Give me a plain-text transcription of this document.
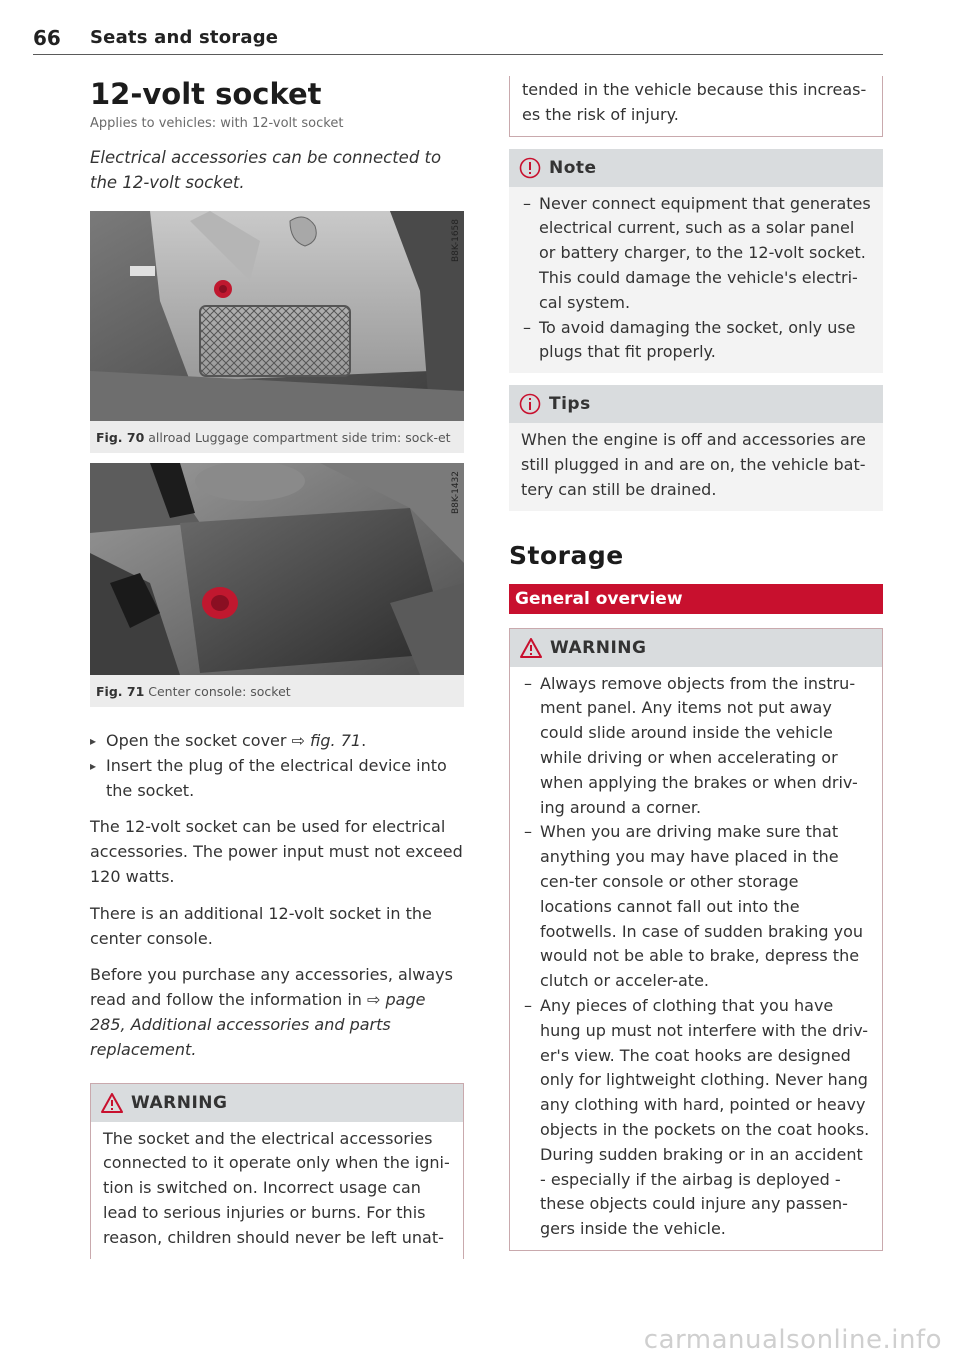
66 Seats and storage
12-volt socket
Applies to vehicles: with 12-volt socket
Electrical accessories can be connected to the 12-volt socket.
B8K-1658
Fig. 70 allroad Luggage compartment side trim: sock-et
B8K-1432
Fig. 71 Center console: socket
▸ Open the socket cover ⇨ fig. 71.
▸ Insert the plug of the electrical device into the socket.

The 12-volt socket can be used for electrical accessories. The power input must not exceed 120 watts.

There is an additional 12-volt socket in the center console.

Before you purchase any accessories, always read and follow the information in ⇨ page 285, Additional accessories and parts replacement.

WARNING

The socket and the electrical accessories connected to it operate only when the igni-tion is switched on. Incorrect usage can lead to serious injuries or burns. For this reason, children should never be left unat-

tended in the vehicle because this increas-es the risk of injury.

Note
– Never connect equipment that generates electrical current, such as a solar panel or battery charger, to the 12-volt socket. This could damage the vehicle's electri-cal system.
– To avoid damaging the socket, only use plugs that fit properly.
Tips

When the engine is off and accessories are still plugged in and are on, the vehicle bat-tery can still be drained.

Storage
General overview
WARNING
– Always remove objects from the instru-ment panel. Any items not put away could slide around inside the vehicle while driving or when accelerating or when applying the brakes or when driv-ing around a corner.
– When you are driving make sure that anything you may have placed in the cen-ter console or other storage locations cannot fall out into the footwells. In case of sudden braking you would not be able to brake, depress the clutch or acceler-ate.
– Any pieces of clothing that you have hung up must not interfere with the driv-er's view. The coat hooks are designed only for lightweight clothing. Never hang any clothing with hard, pointed or heavy objects in the pockets on the coat hooks. During sudden braking or in an accident - especially if the airbag is deployed - these objects could injure any passen-gers inside the vehicle.
carmanualsonline.info
